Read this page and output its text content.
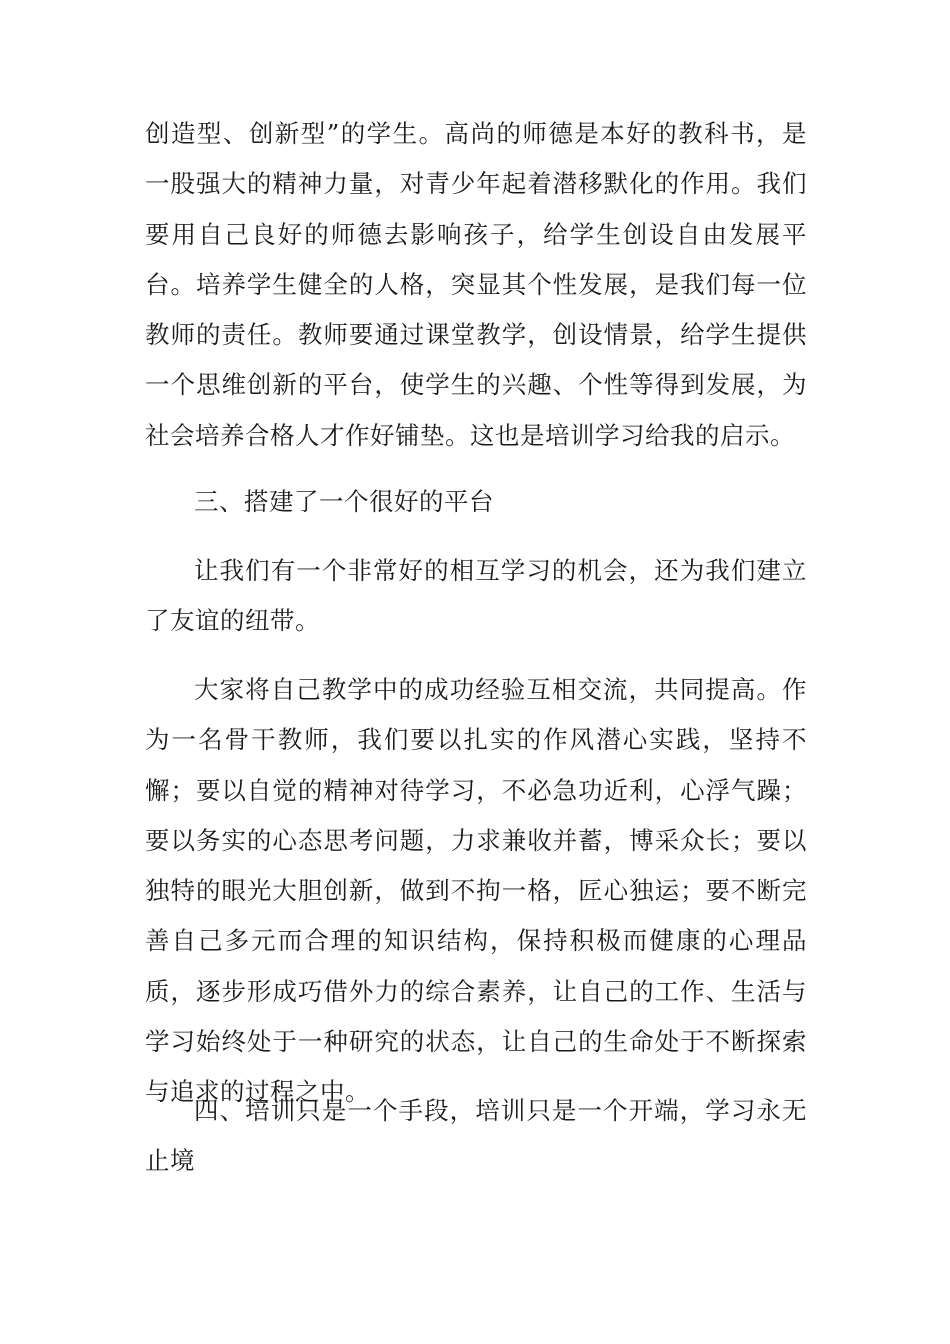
创造型、创新型”的学生。高尚的师德是本好的教科书，是一股强大的精神力量，对青少年起着潜移默化的作用。我们要用自己良好的师德去影响孩子，给学生创设自由发展平台。培养学生健全的人格，突显其个性发展，是我们每一位教师的责任。教师要通过课堂教学，创设情景，给学生提供一个思维创新的平台，使学生的兴趣、个性等得到发展，为社会培养合格人才作好铺垫。这也是培训学习给我的启示。

三、搭建了一个很好的平台

让我们有一个非常好的相互学习的机会，还为我们建立了友谊的纽带。

大家将自己教学中的成功经验互相交流，共同提高。作为一名骨干教师，我们要以扎实的作风潜心实践，坚持不懈；要以自觉的精神对待学习，不必急功近利，心浮气躁；要以务实的心态思考问题，力求兼收并蓄，博采众长；要以独特的眼光大胆创新，做到不拘一格，匠心独运；要不断完善自己多元而合理的知识结构，保持积极而健康的心理品质，逐步形成巧借外力的综合素养，让自己的工作、生活与学习始终处于一种研究的状态，让自己的生命处于不断探索与追求的过程之中。

四、培训只是一个手段，培训只是一个开端，学习永无止境
